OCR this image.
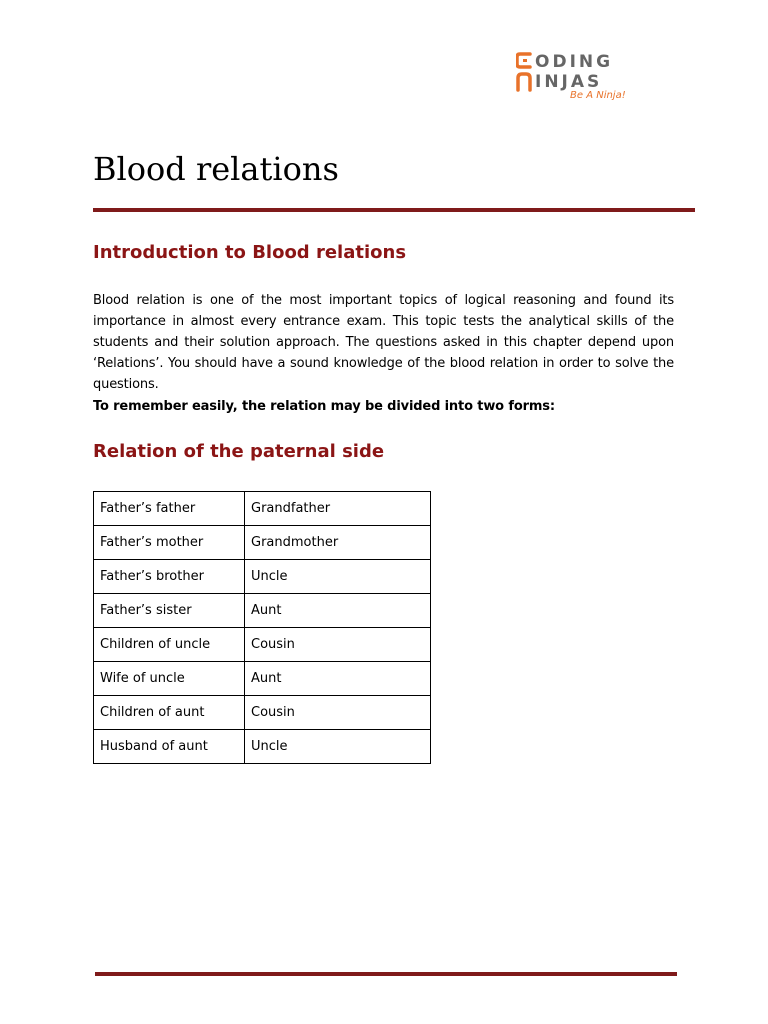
ODING
INJAS
Be A Ninja!
Blood relations
Introduction to Blood relations

Blood relation is one of the most important topics of logical reasoning and found its importance in almost every entrance exam. This topic tests the analytical skills of the students and their solution approach. The questions asked in this chapter depend upon ‘Relations’. You should have a sound knowledge of the blood relation in order to solve the questions.

To remember easily, the relation may be divided into two forms:

Relation of the paternal side
Father’s father	Grandfather
Father’s mother	Grandmother
Father’s brother	Uncle
Father’s sister	Aunt
Children of uncle	Cousin
Wife of uncle	Aunt
Children of aunt	Cousin
Husband of aunt	Uncle
